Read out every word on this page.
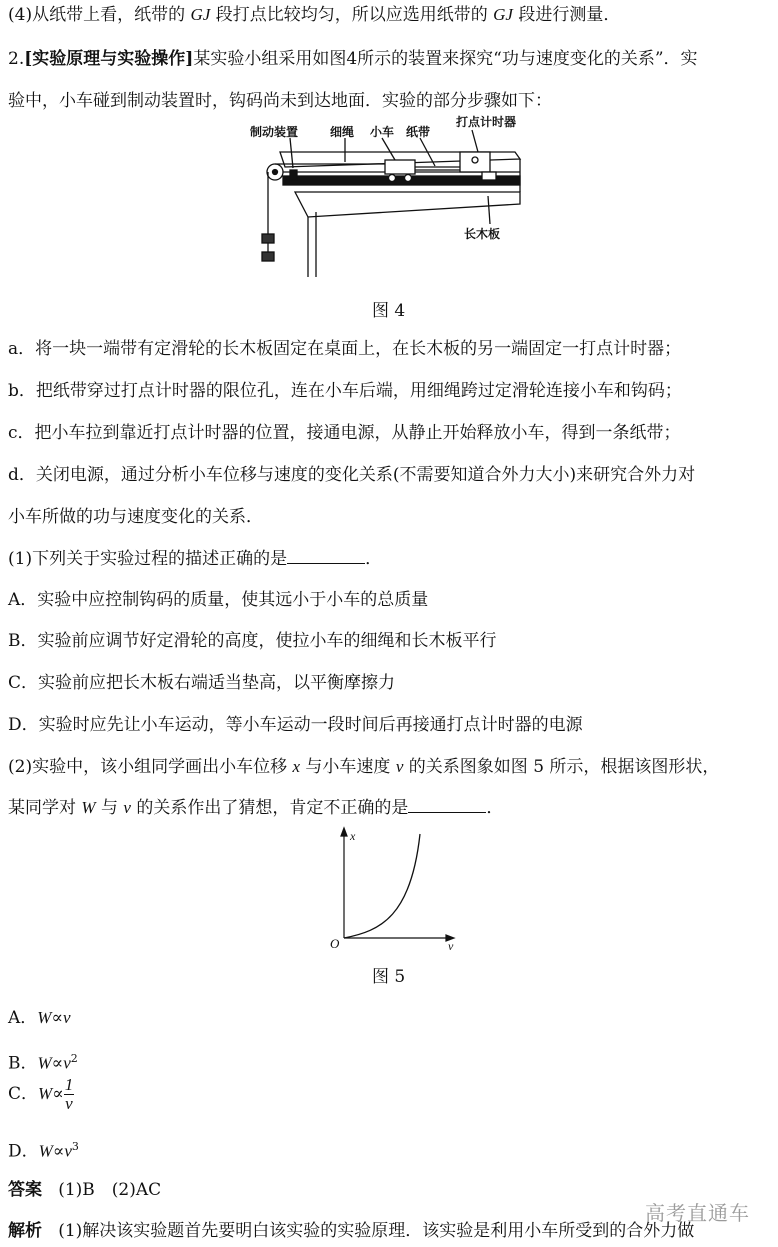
(4)从纸带上看，纸带的 GJ 段打点比较均匀，所以应选用纸带的 GJ 段进行测量．
2.[实验原理与实验操作]某实验小组采用如图4所示的装置来探究“功与速度变化的关系”．实
验中，小车碰到制动装置时，钩码尚未到达地面．实验的部分步骤如下：
制动装置	细绳 小车 纸带
打点计时器
长木板
图 4
a．将一块一端带有定滑轮的长木板固定在桌面上，在长木板的另一端固定一打点计时器；
b．把纸带穿过打点计时器的限位孔，连在小车后端，用细绳跨过定滑轮连接小车和钩码；
c．把小车拉到靠近打点计时器的位置，接通电源，从静止开始释放小车，得到一条纸带；
d．关闭电源，通过分析小车位移与速度的变化关系(不需要知道合外力大小)来研究合外力对
小车所做的功与速度变化的关系．
(1)下列关于实验过程的描述正确的是	．
A．实验中应控制钩码的质量，使其远小于小车的总质量
B．实验前应调节好定滑轮的高度，使拉小车的细绳和长木板平行
C．实验前应把长木板右端适当垫高，以平衡摩擦力
D．实验时应先让小车运动，等小车运动一段时间后再接通打点计时器的电源
(2)实验中，该小组同学画出小车位移 x 与小车速度 v 的关系图象如图 5 所示，根据该图形状，
某同学对 W 与 v 的关系作出了猜想，肯定不正确的是	．
x
O	v
图 5
A．W∝v
B．$W\propto v^2$
C．$W\propto \frac{1}{v}$
D．$W\propto v^3$
答案 (1)B　(2)AC
高考直通车
解析 (1)解决该实验题首先要明白该实验的实验原理．该实验是利用小车所受到的合外力做
